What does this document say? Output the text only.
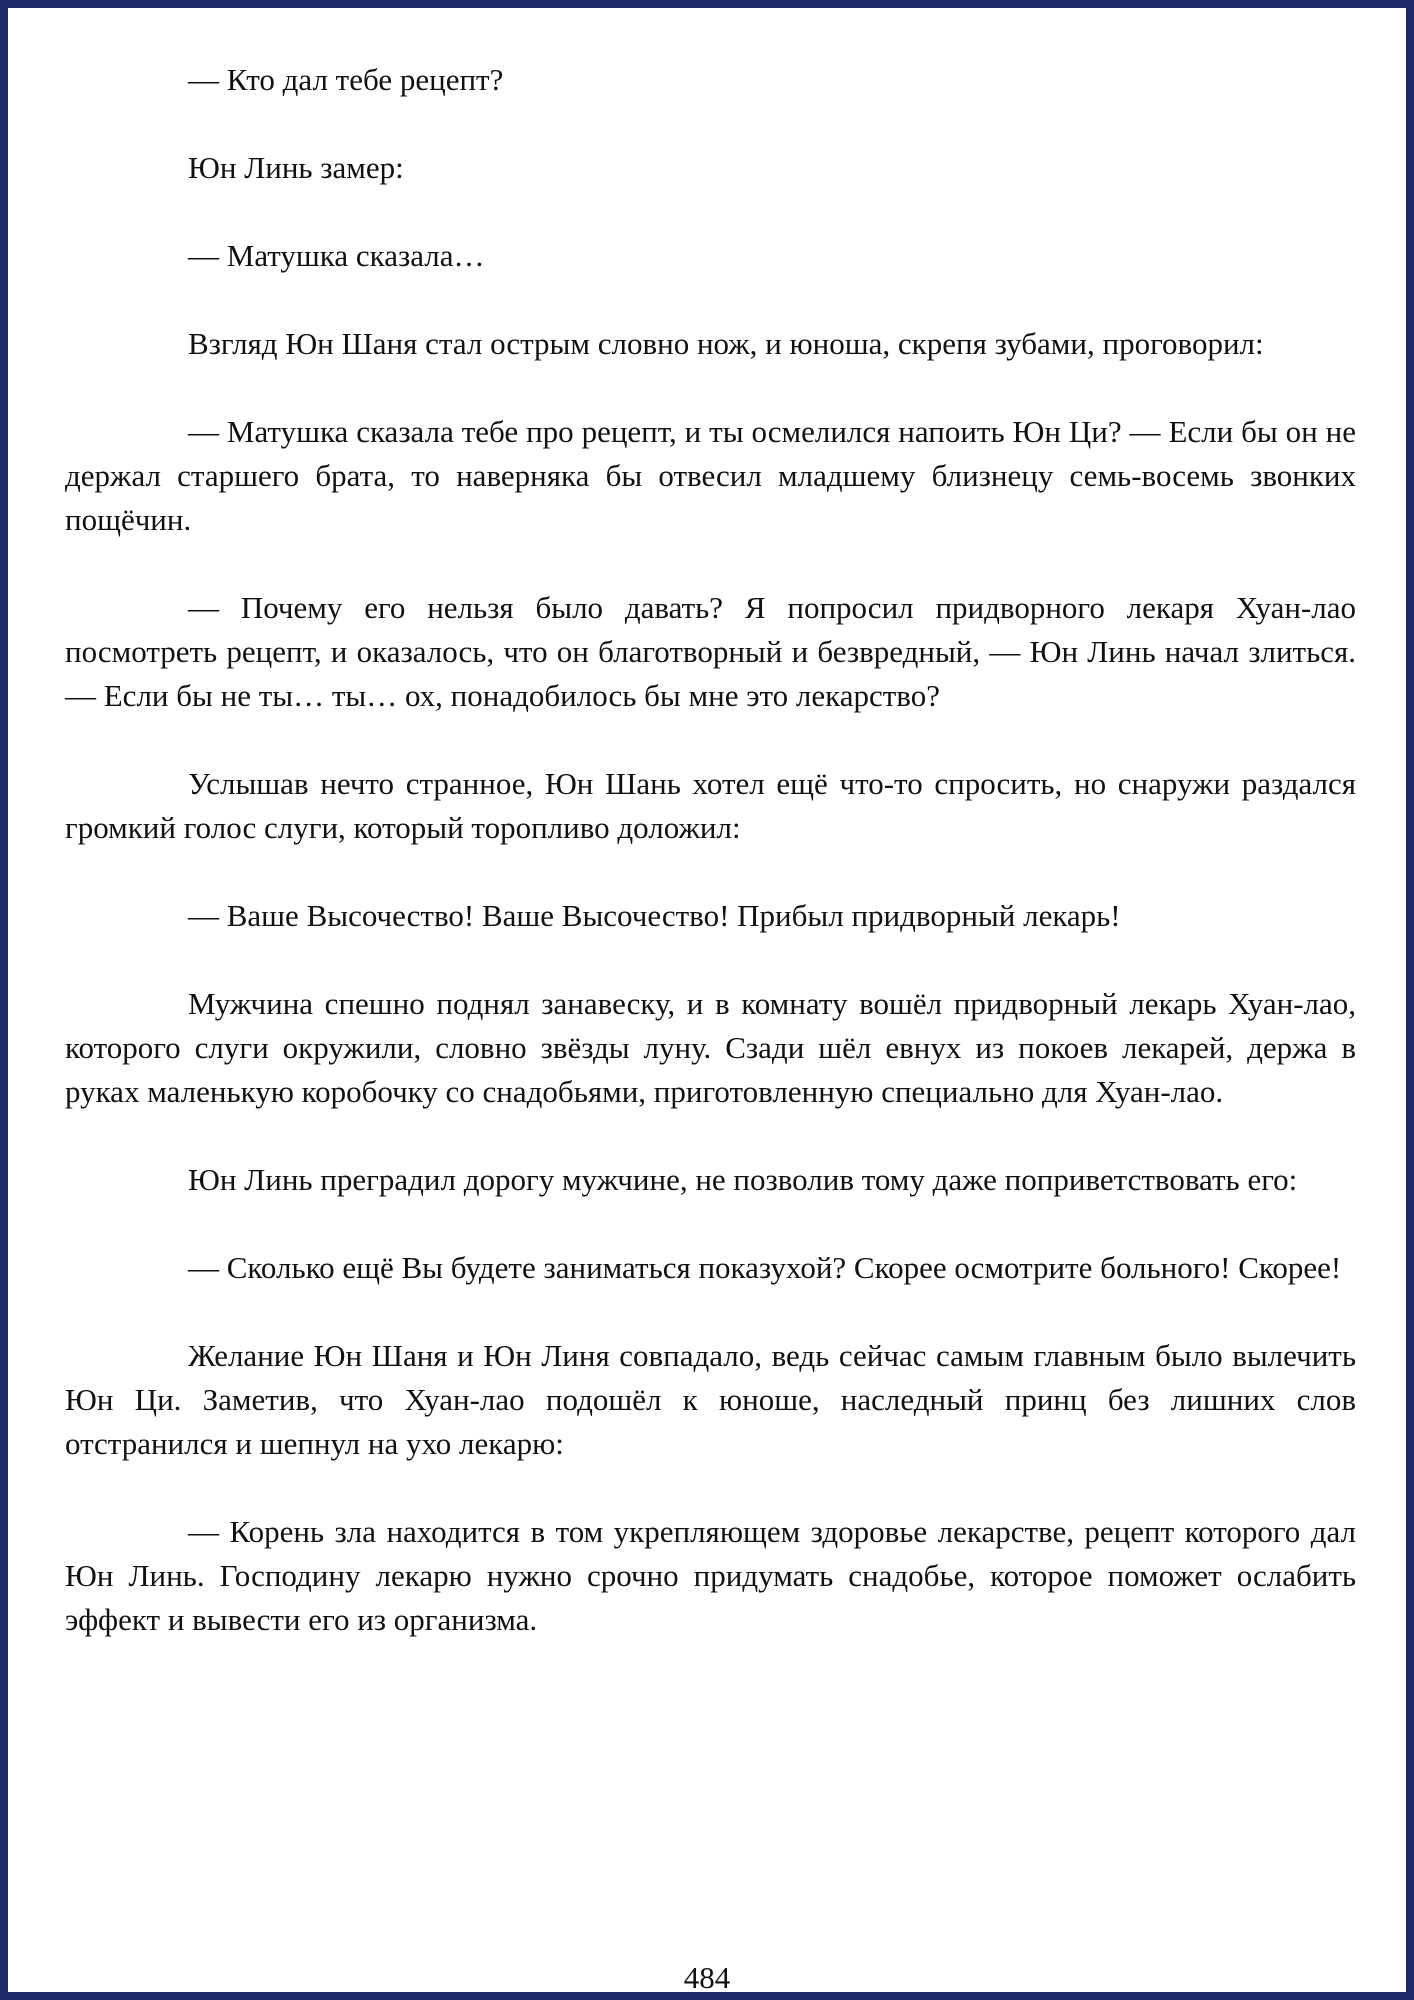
— Кто дал тебе рецепт?

Юн Линь замер:

— Матушка сказала…

Взгляд Юн Шаня стал острым словно нож, и юноша, скрепя зубами, проговорил:

— Матушка сказала тебе про рецепт, и ты осмелился напоить Юн Ци? — Если бы он не держал старшего брата, то наверняка бы отвесил младшему близнецу семь-восемь звонких пощёчин.

— Почему его нельзя было давать? Я попросил придворного лекаря Хуан-лао посмотреть рецепт, и оказалось, что он благотворный и безвредный, — Юн Линь начал злиться. — Если бы не ты… ты… ох, понадобилось бы мне это лекарство?

Услышав нечто странное, Юн Шань хотел ещё что-то спросить, но снаружи раздался громкий голос слуги, который торопливо доложил:

— Ваше Высочество! Ваше Высочество! Прибыл придворный лекарь!

Мужчина спешно поднял занавеску, и в комнату вошёл придворный лекарь Хуан-лао, которого слуги окружили, словно звёзды луну. Сзади шёл евнух из покоев лекарей, держа в руках маленькую коробочку со снадобьями, приготовленную специально для Хуан-лао.

Юн Линь преградил дорогу мужчине, не позволив тому даже поприветствовать его:

— Сколько ещё Вы будете заниматься показухой? Скорее осмотрите больного! Скорее!

Желание Юн Шаня и Юн Линя совпадало, ведь сейчас самым главным было вылечить Юн Ци. Заметив, что Хуан-лао подошёл к юноше, наследный принц без лишних слов отстранился и шепнул на ухо лекарю:

— Корень зла находится в том укрепляющем здоровье лекарстве, рецепт которого дал Юн Линь. Господину лекарю нужно срочно придумать снадобье, которое поможет ослабить эффект и вывести его из организма.

484
